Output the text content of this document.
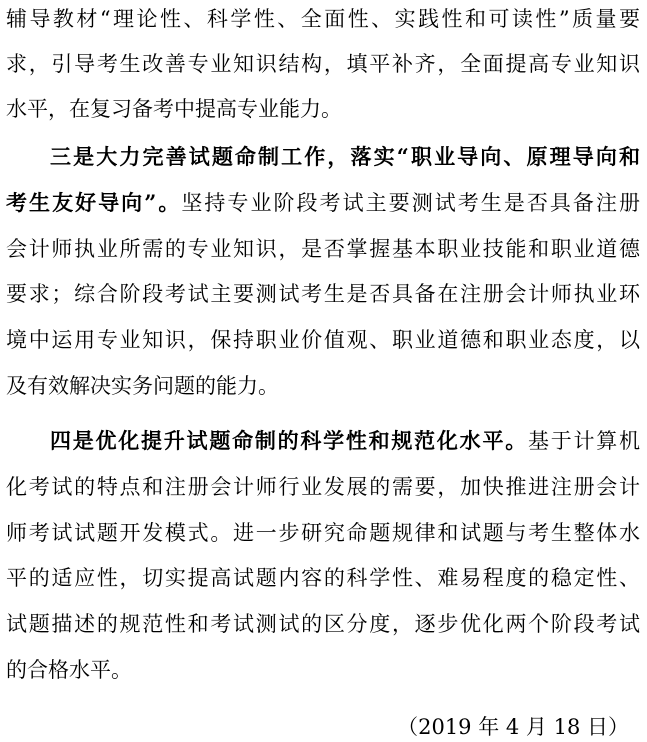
辅导教材“理论性、科学性、全面性、实践性和可读性”质量要
求，引导考生改善专业知识结构，填平补齐，全面提高专业知识
水平，在复习备考中提高专业能力。
三是大力完善试题命制工作，落实“职业导向、原理导向和
考生友好导向”。坚持专业阶段考试主要测试考生是否具备注册
会计师执业所需的专业知识，是否掌握基本职业技能和职业道德
要求；综合阶段考试主要测试考生是否具备在注册会计师执业环
境中运用专业知识，保持职业价值观、职业道德和职业态度，以
及有效解决实务问题的能力。
四是优化提升试题命制的科学性和规范化水平。基于计算机
化考试的特点和注册会计师行业发展的需要，加快推进注册会计
师考试试题开发模式。进一步研究命题规律和试题与考生整体水
平的适应性，切实提高试题内容的科学性、难易程度的稳定性、
试题描述的规范性和考试测试的区分度，逐步优化两个阶段考试
的合格水平。
（2019 年 4 月 18 日）
